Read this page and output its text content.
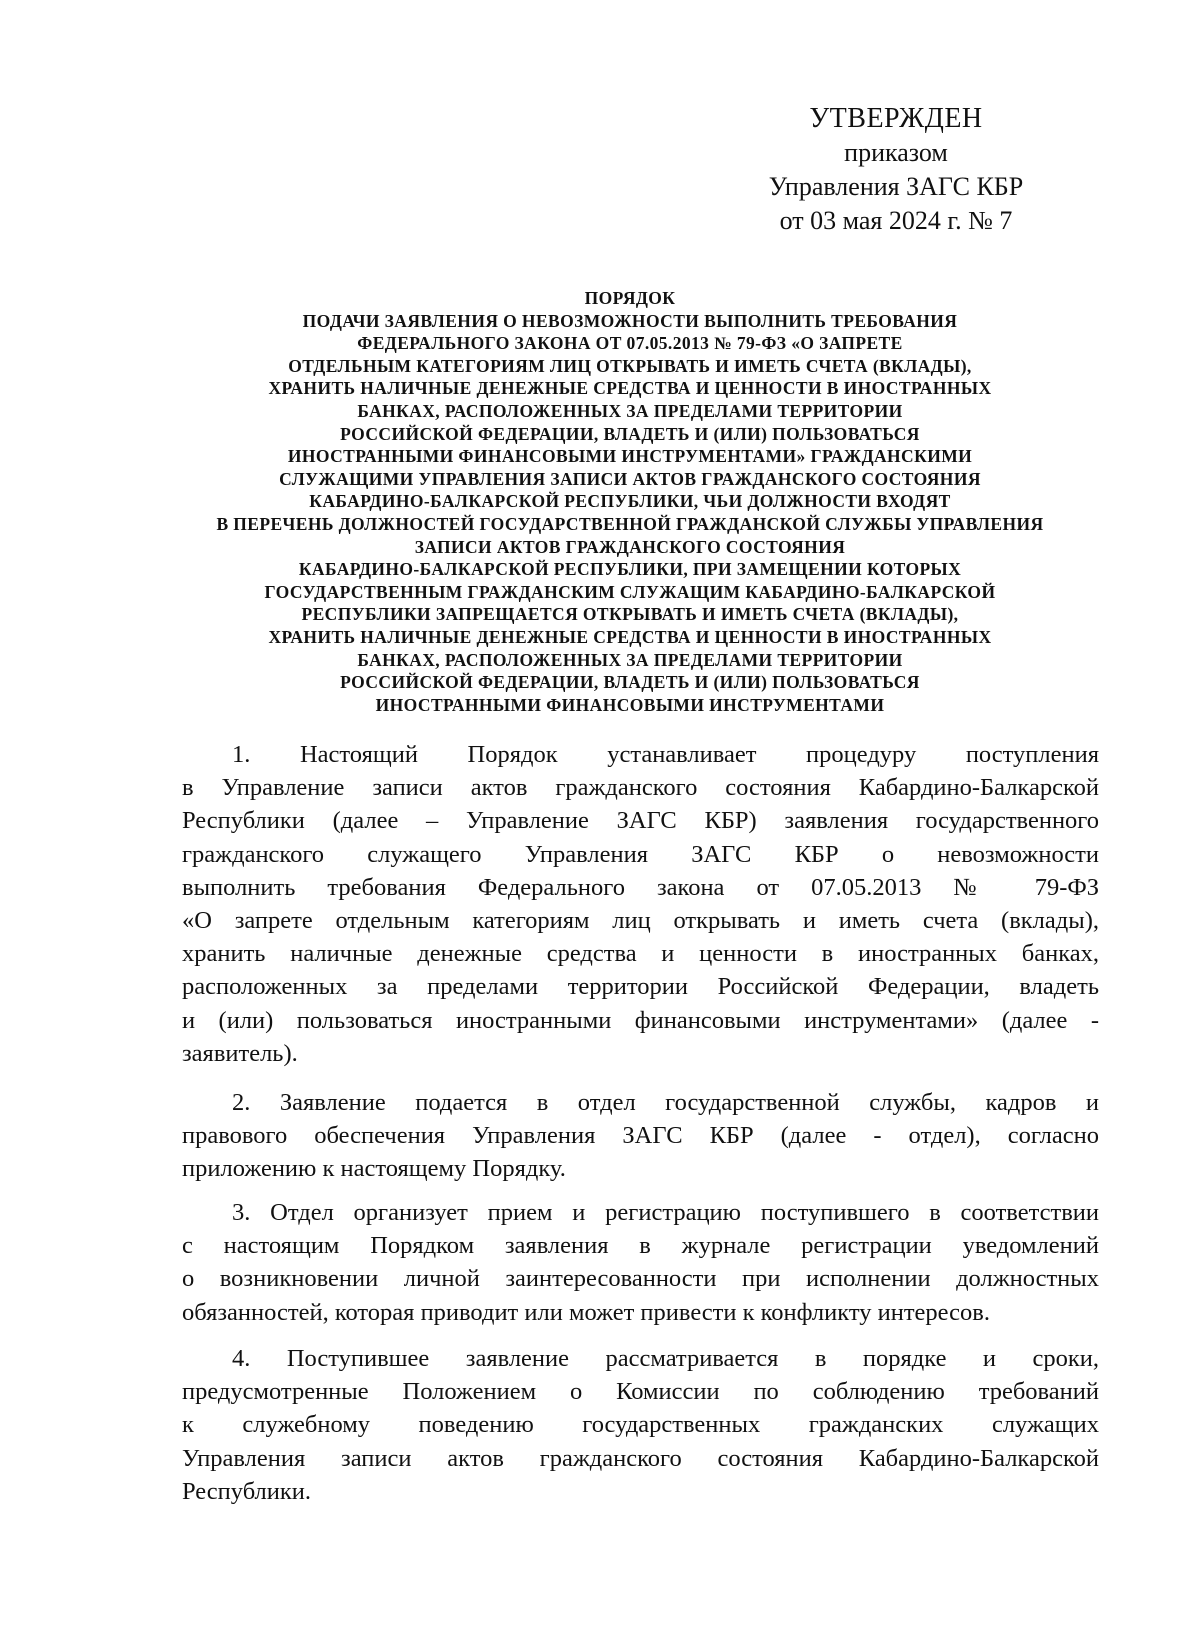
УТВЕРЖДЕН
приказом
Управления ЗАГС КБР
от 03 мая 2024 г. № 7
ПОРЯДОК
ПОДАЧИ ЗАЯВЛЕНИЯ О НЕВОЗМОЖНОСТИ ВЫПОЛНИТЬ ТРЕБОВАНИЯ
ФЕДЕРАЛЬНОГО ЗАКОНА ОТ 07.05.2013 № 79-ФЗ «О ЗАПРЕТЕ
ОТДЕЛЬНЫМ КАТЕГОРИЯМ ЛИЦ ОТКРЫВАТЬ И ИМЕТЬ СЧЕТА (ВКЛАДЫ),
ХРАНИТЬ НАЛИЧНЫЕ ДЕНЕЖНЫЕ СРЕДСТВА И ЦЕННОСТИ В ИНОСТРАННЫХ
БАНКАХ, РАСПОЛОЖЕННЫХ ЗА ПРЕДЕЛАМИ ТЕРРИТОРИИ
РОССИЙСКОЙ ФЕДЕРАЦИИ, ВЛАДЕТЬ И (ИЛИ) ПОЛЬЗОВАТЬСЯ
ИНОСТРАННЫМИ ФИНАНСОВЫМИ ИНСТРУМЕНТАМИ» ГРАЖДАНСКИМИ
СЛУЖАЩИМИ УПРАВЛЕНИЯ ЗАПИСИ АКТОВ ГРАЖДАНСКОГО СОСТОЯНИЯ
КАБАРДИНО-БАЛКАРСКОЙ РЕСПУБЛИКИ, ЧЬИ ДОЛЖНОСТИ ВХОДЯТ
В ПЕРЕЧЕНЬ ДОЛЖНОСТЕЙ ГОСУДАРСТВЕННОЙ ГРАЖДАНСКОЙ СЛУЖБЫ УПРАВЛЕНИЯ
ЗАПИСИ АКТОВ ГРАЖДАНСКОГО СОСТОЯНИЯ
КАБАРДИНО-БАЛКАРСКОЙ РЕСПУБЛИКИ, ПРИ ЗАМЕЩЕНИИ КОТОРЫХ
ГОСУДАРСТВЕННЫМ ГРАЖДАНСКИМ СЛУЖАЩИМ КАБАРДИНО-БАЛКАРСКОЙ
РЕСПУБЛИКИ ЗАПРЕЩАЕТСЯ ОТКРЫВАТЬ И ИМЕТЬ СЧЕТА (ВКЛАДЫ),
ХРАНИТЬ НАЛИЧНЫЕ ДЕНЕЖНЫЕ СРЕДСТВА И ЦЕННОСТИ В ИНОСТРАННЫХ
БАНКАХ, РАСПОЛОЖЕННЫХ ЗА ПРЕДЕЛАМИ ТЕРРИТОРИИ
РОССИЙСКОЙ ФЕДЕРАЦИИ, ВЛАДЕТЬ И (ИЛИ) ПОЛЬЗОВАТЬСЯ
ИНОСТРАННЫМИ ФИНАНСОВЫМИ ИНСТРУМЕНТАМИ
1. Настоящий Порядок устанавливает процедуру поступления
в Управление записи актов гражданского состояния Кабардино-Балкарской
Республики (далее – Управление ЗАГС КБР) заявления государственного
гражданского служащего Управления ЗАГС КБР о невозможности
выполнить требования Федерального закона от 07.05.2013 № 79-ФЗ
«О запрете отдельным категориям лиц открывать и иметь счета (вклады),
хранить наличные денежные средства и ценности в иностранных банках,
расположенных за пределами территории Российской Федерации, владеть
и (или) пользоваться иностранными финансовыми инструментами» (далее -
заявитель).
2. Заявление подается в отдел государственной службы, кадров и
правового обеспечения Управления ЗАГС КБР (далее - отдел), согласно
приложению к настоящему Порядку.
3. Отдел организует прием и регистрацию поступившего в соответствии
с настоящим Порядком заявления в журнале регистрации уведомлений
о возникновении личной заинтересованности при исполнении должностных
обязанностей, которая приводит или может привести к конфликту интересов.
4. Поступившее заявление рассматривается в порядке и сроки,
предусмотренные Положением о Комиссии по соблюдению требований
к служебному поведению государственных гражданских служащих
Управления записи актов гражданского состояния Кабардино-Балкарской
Республики.
